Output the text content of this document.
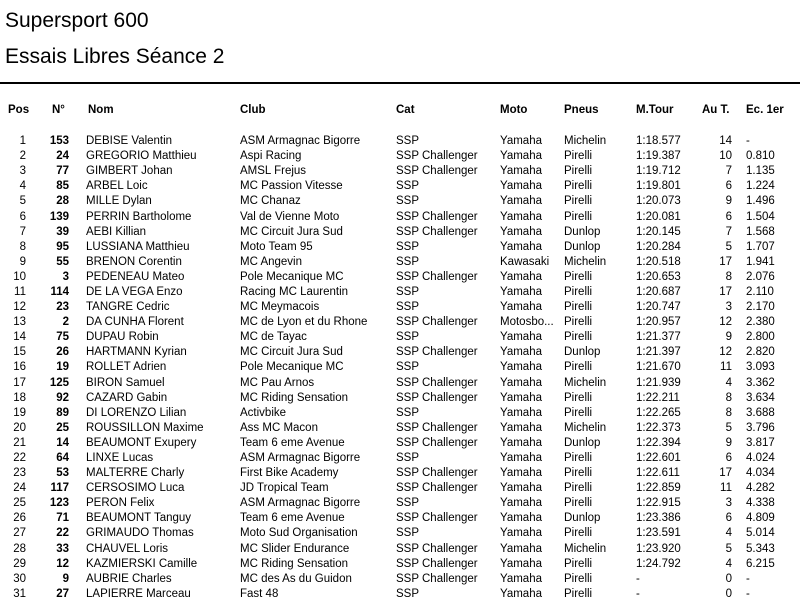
Supersport 600
Essais Libres Séance 2
Pos	N°	Nom	Club	Cat	Moto	Pneus	M.Tour	Au T.	Ec. 1er

1	153	DEBISE Valentin	ASM Armagnac Bigorre	SSP	Yamaha	Michelin	1:18.577	14	-
2	24	GREGORIO Matthieu	Aspi Racing	SSP Challenger	Yamaha	Pirelli	1:19.387	10	0.810
3	77	GIMBERT Johan	AMSL Frejus	SSP Challenger	Yamaha	Pirelli	1:19.712	7	1.135
4	85	ARBEL Loic	MC Passion Vitesse	SSP	Yamaha	Pirelli	1:19.801	6	1.224
5	28	MILLE Dylan	MC Chanaz	SSP	Yamaha	Pirelli	1:20.073	9	1.496
6	139	PERRIN Bartholome	Val de Vienne Moto	SSP Challenger	Yamaha	Pirelli	1:20.081	6	1.504
7	39	AEBI Killian	MC Circuit Jura Sud	SSP Challenger	Yamaha	Dunlop	1:20.145	7	1.568
8	95	LUSSIANA Matthieu	Moto Team 95	SSP	Yamaha	Dunlop	1:20.284	5	1.707
9	55	BRENON Corentin	MC Angevin	SSP	Kawasaki	Michelin	1:20.518	17	1.941
10	3	PEDENEAU Mateo	Pole Mecanique MC	SSP Challenger	Yamaha	Pirelli	1:20.653	8	2.076
11	114	DE LA VEGA Enzo	Racing MC Laurentin	SSP	Yamaha	Pirelli	1:20.687	17	2.110
12	23	TANGRE Cedric	MC Meymacois	SSP	Yamaha	Pirelli	1:20.747	3	2.170
13	2	DA CUNHA Florent	MC de Lyon et du Rhone	SSP Challenger	Motosbo...	Pirelli	1:20.957	12	2.380
14	75	DUPAU Robin	MC de Tayac	SSP	Yamaha	Pirelli	1:21.377	9	2.800
15	26	HARTMANN Kyrian	MC Circuit Jura Sud	SSP Challenger	Yamaha	Dunlop	1:21.397	12	2.820
16	19	ROLLET Adrien	Pole Mecanique MC	SSP	Yamaha	Pirelli	1:21.670	11	3.093
17	125	BIRON Samuel	MC Pau Arnos	SSP Challenger	Yamaha	Michelin	1:21.939	4	3.362
18	92	CAZARD Gabin	MC Riding Sensation	SSP Challenger	Yamaha	Pirelli	1:22.211	8	3.634
19	89	DI LORENZO Lilian	Activbike	SSP	Yamaha	Pirelli	1:22.265	8	3.688
20	25	ROUSSILLON Maxime	Ass MC Macon	SSP Challenger	Yamaha	Michelin	1:22.373	5	3.796
21	14	BEAUMONT Exupery	Team 6 eme Avenue	SSP Challenger	Yamaha	Dunlop	1:22.394	9	3.817
22	64	LINXE Lucas	ASM Armagnac Bigorre	SSP	Yamaha	Pirelli	1:22.601	6	4.024
23	53	MALTERRE Charly	First Bike Academy	SSP Challenger	Yamaha	Pirelli	1:22.611	17	4.034
24	117	CERSOSIMO Luca	JD Tropical Team	SSP Challenger	Yamaha	Pirelli	1:22.859	11	4.282
25	123	PERON Felix	ASM Armagnac Bigorre	SSP	Yamaha	Pirelli	1:22.915	3	4.338
26	71	BEAUMONT Tanguy	Team 6 eme Avenue	SSP Challenger	Yamaha	Dunlop	1:23.386	6	4.809
27	22	GRIMAUDO Thomas	Moto Sud Organisation	SSP	Yamaha	Pirelli	1:23.591	4	5.014
28	33	CHAUVEL Loris	MC Slider Endurance	SSP Challenger	Yamaha	Michelin	1:23.920	5	5.343
29	12	KAZMIERSKI Camille	MC Riding Sensation	SSP Challenger	Yamaha	Pirelli	1:24.792	4	6.215
30	9	AUBRIE Charles	MC des As du Guidon	SSP Challenger	Yamaha	Pirelli	-	0	-
31	27	LAPIERRE Marceau	Fast 48	SSP	Yamaha	Pirelli	-	0	-
